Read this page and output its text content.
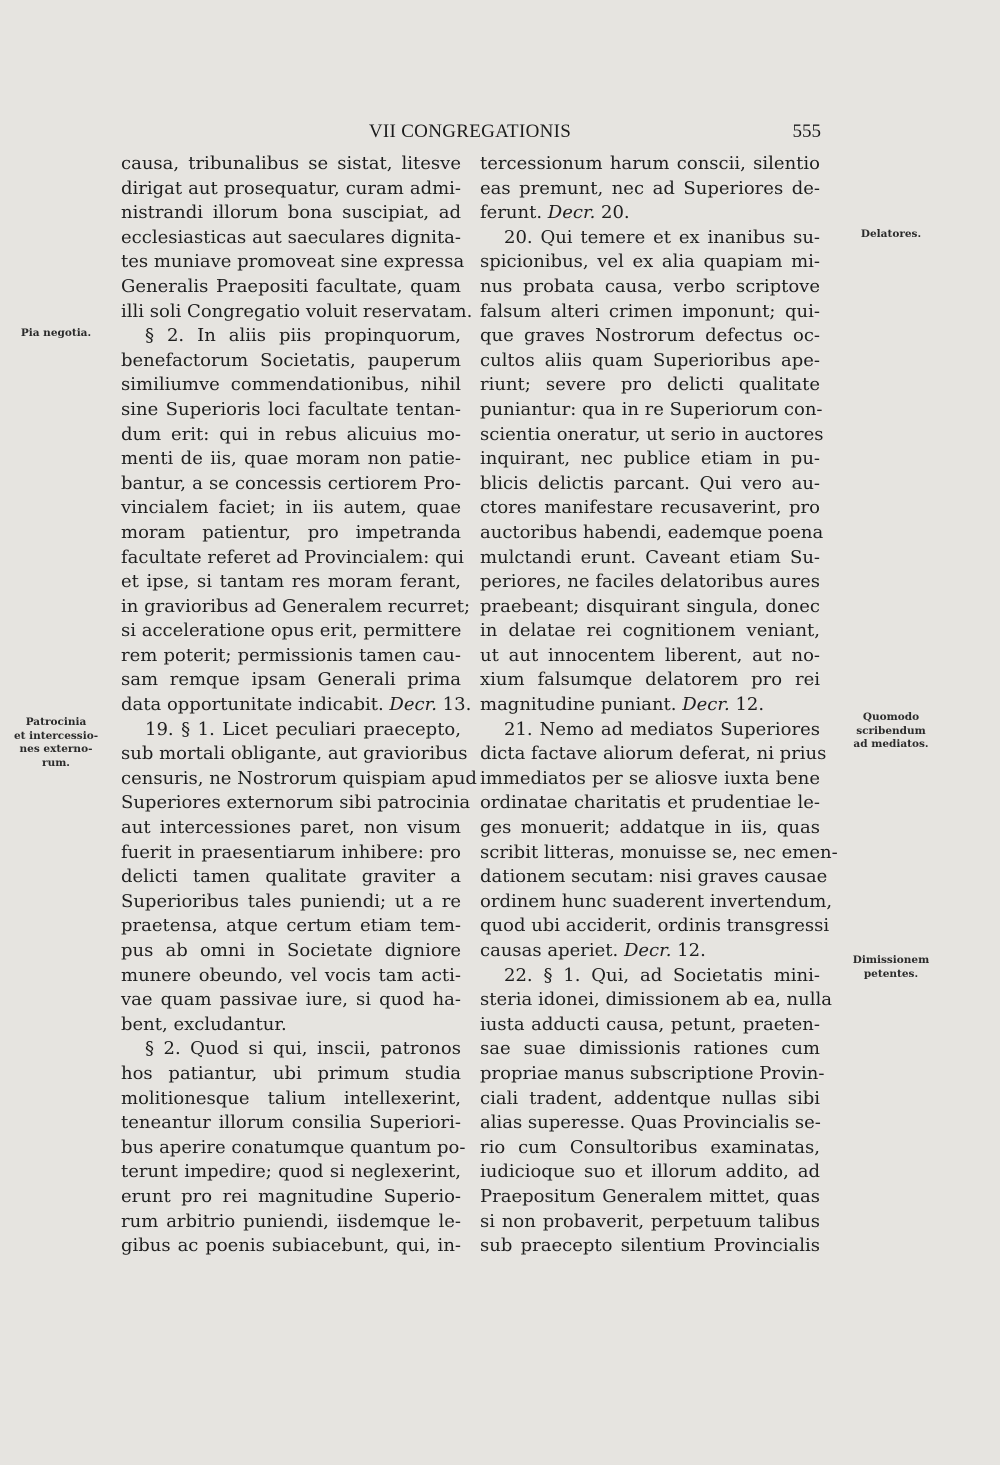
VII CONGREGATIONIS	555
causa, tribunalibus se sistat, litesve
dirigat aut prosequatur, curam admi-
nistrandi illorum bona suscipiat, ad
ecclesiasticas aut saeculares dignita-
tes muniave promoveat sine expressa
Generalis Praepositi facultate, quam
illi soli Congregatio voluit reservatam.
§ 2. In aliis piis propinquorum,
benefactorum Societatis, pauperum
similiumve commendationibus, nihil
sine Superioris loci facultate tentan-
dum erit: qui in rebus alicuius mo-
menti de iis, quae moram non patie-
bantur, a se concessis certiorem Pro-
vincialem faciet; in iis autem, quae
moram patientur, pro impetranda
facultate referet ad Provincialem: qui
et ipse, si tantam res moram ferant,
in gravioribus ad Generalem recurret;
si acceleratione opus erit, permittere
rem poterit; permissionis tamen cau-
sam remque ipsam Generali prima
data opportunitate indicabit. Decr. 13.
19. § 1. Licet peculiari praecepto,
sub mortali obligante, aut gravioribus
censuris, ne Nostrorum quispiam apud
Superiores externorum sibi patrocinia
aut intercessiones paret, non visum
fuerit in praesentiarum inhibere: pro
delicti tamen qualitate graviter a
Superioribus tales puniendi; ut a re
praetensa, atque certum etiam tem-
pus ab omni in Societate digniore
munere obeundo, vel vocis tam acti-
vae quam passivae iure, si quod ha-
bent, excludantur.
§ 2. Quod si qui, inscii, patronos
hos patiantur, ubi primum studia
molitionesque talium intellexerint,
teneantur illorum consilia Superiori-
bus aperire conatumque quantum po-
terunt impedire; quod si neglexerint,
erunt pro rei magnitudine Superio-
rum arbitrio puniendi, iisdemque le-
gibus ac poenis subiacebunt, qui, in-
tercessionum harum conscii, silentio
eas premunt, nec ad Superiores de-
ferunt. Decr. 20.
20. Qui temere et ex inanibus su-
spicionibus, vel ex alia quapiam mi-
nus probata causa, verbo scriptove
falsum alteri crimen imponunt; qui-
que graves Nostrorum defectus oc-
cultos aliis quam Superioribus ape-
riunt; severe pro delicti qualitate
puniantur: qua in re Superiorum con-
scientia oneratur, ut serio in auctores
inquirant, nec publice etiam in pu-
blicis delictis parcant. Qui vero au-
ctores manifestare recusaverint, pro
auctoribus habendi, eademque poena
mulctandi erunt. Caveant etiam Su-
periores, ne faciles delatoribus aures
praebeant; disquirant singula, donec
in delatae rei cognitionem veniant,
ut aut innocentem liberent, aut no-
xium falsumque delatorem pro rei
magnitudine puniant. Decr. 12.
21. Nemo ad mediatos Superiores
dicta factave aliorum deferat, ni prius
immediatos per se aliosve iuxta bene
ordinatae charitatis et prudentiae le-
ges monuerit; addatque in iis, quas
scribit litteras, monuisse se, nec emen-
dationem secutam: nisi graves causae
ordinem hunc suaderent invertendum,
quod ubi acciderit, ordinis transgressi
causas aperiet. Decr. 12.
22. § 1. Qui, ad Societatis mini-
steria idonei, dimissionem ab ea, nulla
iusta adducti causa, petunt, praeten-
sae suae dimissionis rationes cum
propriae manus subscriptione Provin-
ciali tradent, addentque nullas sibi
alias superesse. Quas Provincialis se-
rio cum Consultoribus examinatas,
iudicioque suo et illorum addito, ad
Praepositum Generalem mittet, quas
si non probaverit, perpetuum talibus
sub praecepto silentium Provincialis
Pia negotia.
Patrocinia
et intercessio-
nes externo-
rum.
Delatores.
Quomodo
scribendum
ad mediatos.
Dimissionem
petentes.
